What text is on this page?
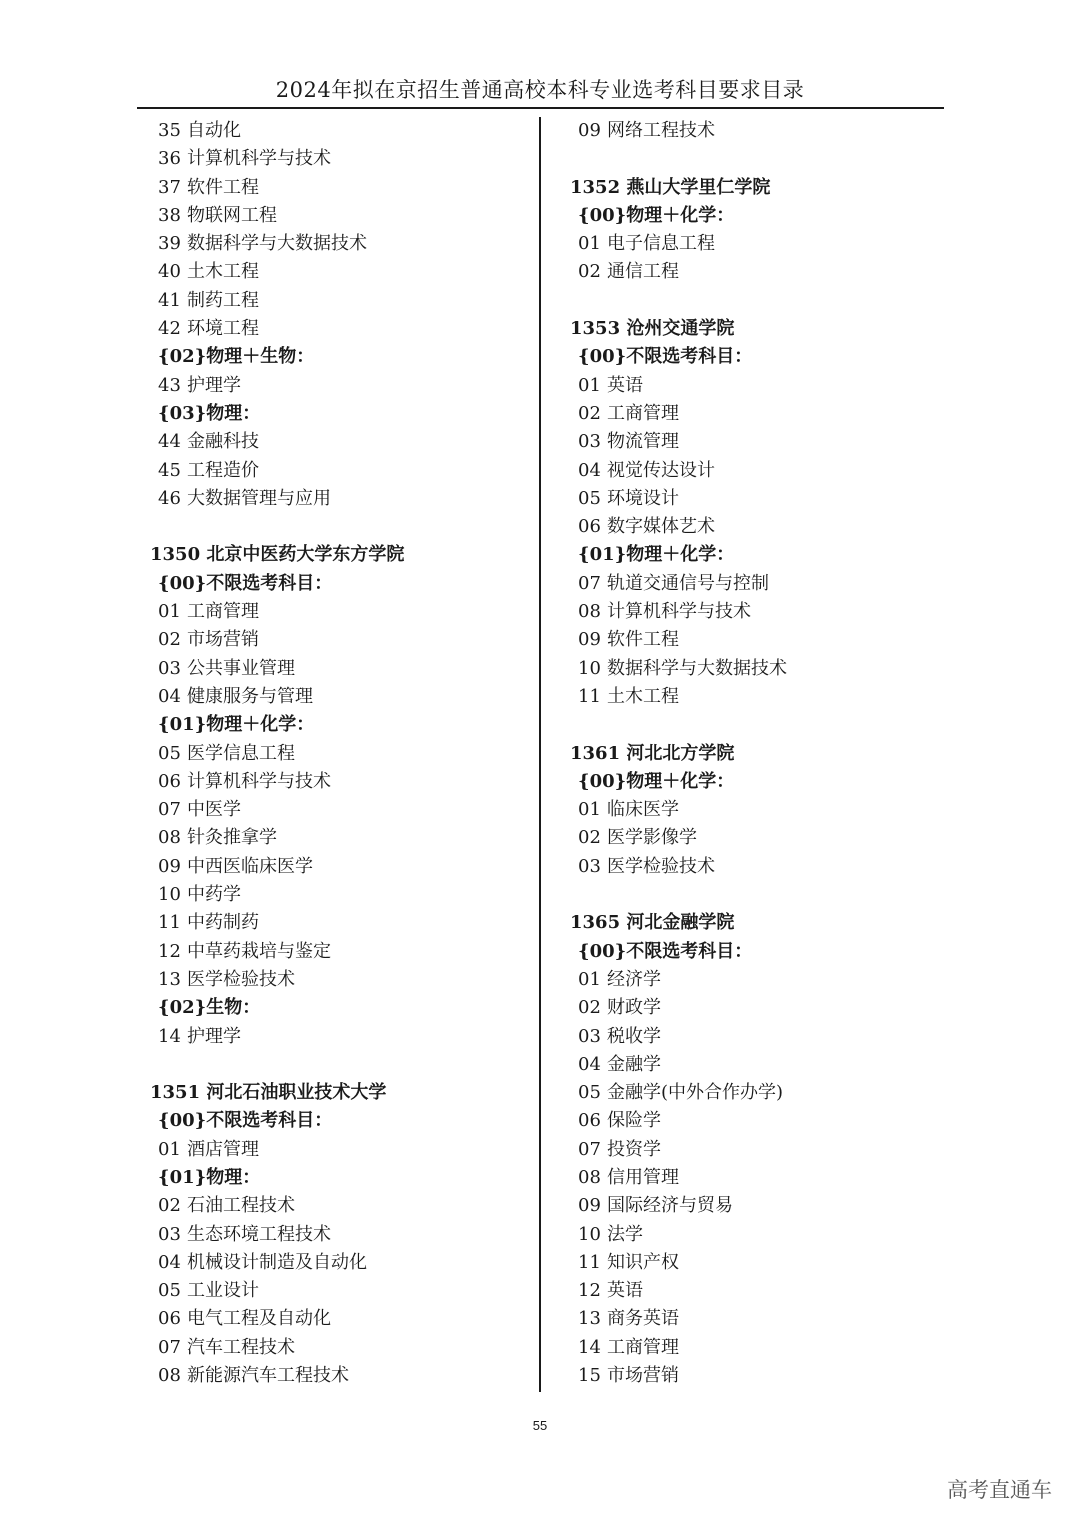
2024年拟在京招生普通高校本科专业选考科目要求目录
35 自动化
36 计算机科学与技术
37 软件工程
38 物联网工程
39 数据科学与大数据技术
40 土木工程
41 制药工程
42 环境工程
{02}物理＋生物：
43 护理学
{03}物理：
44 金融科技
45 工程造价
46 大数据管理与应用
1350 北京中医药大学东方学院
{00}不限选考科目：
01 工商管理
02 市场营销
03 公共事业管理
04 健康服务与管理
{01}物理＋化学：
05 医学信息工程
06 计算机科学与技术
07 中医学
08 针灸推拿学
09 中西医临床医学
10 中药学
11 中药制药
12 中草药栽培与鉴定
13 医学检验技术
{02}生物：
14 护理学
1351 河北石油职业技术大学
{00}不限选考科目：
01 酒店管理
{01}物理：
02 石油工程技术
03 生态环境工程技术
04 机械设计制造及自动化
05 工业设计
06 电气工程及自动化
07 汽车工程技术
08 新能源汽车工程技术
09 网络工程技术
1352 燕山大学里仁学院
{00}物理＋化学：
01 电子信息工程
02 通信工程
1353 沧州交通学院
{00}不限选考科目：
01 英语
02 工商管理
03 物流管理
04 视觉传达设计
05 环境设计
06 数字媒体艺术
{01}物理＋化学：
07 轨道交通信号与控制
08 计算机科学与技术
09 软件工程
10 数据科学与大数据技术
11 土木工程
1361 河北北方学院
{00}物理＋化学：
01 临床医学
02 医学影像学
03 医学检验技术
1365 河北金融学院
{00}不限选考科目：
01 经济学
02 财政学
03 税收学
04 金融学
05 金融学(中外合作办学)
06 保险学
07 投资学
08 信用管理
09 国际经济与贸易
10 法学
11 知识产权
12 英语
13 商务英语
14 工商管理
15 市场营销
55
高考直通车
